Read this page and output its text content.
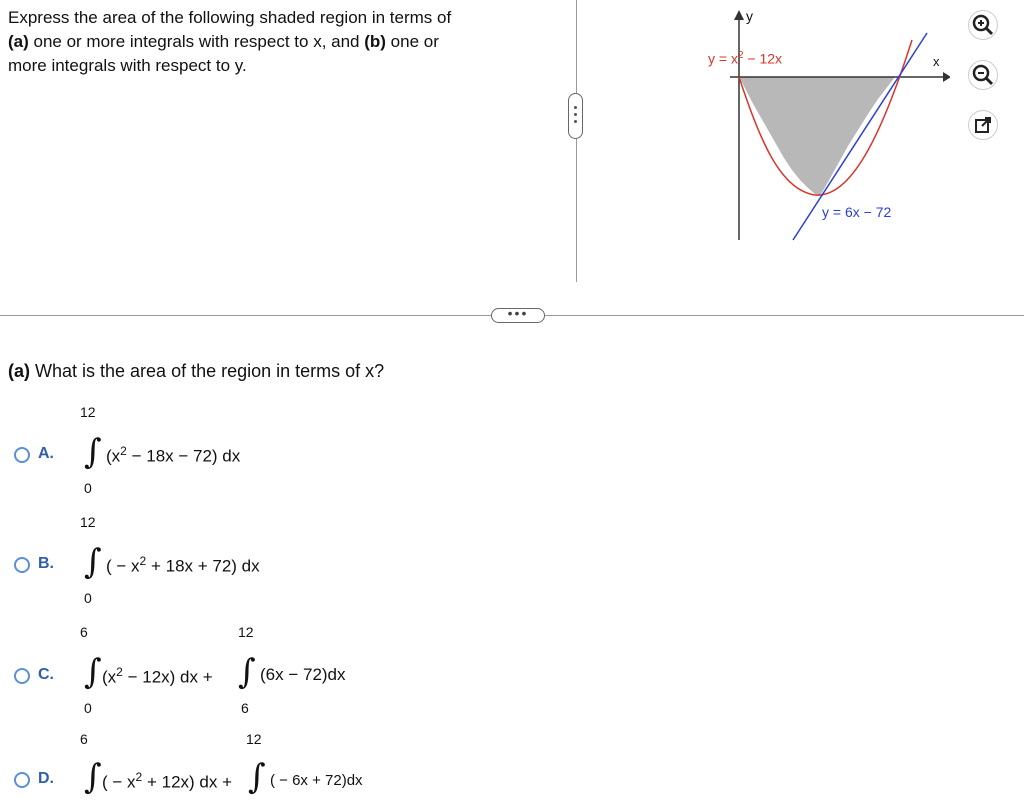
Express the area of the following shaded region in terms of
(a) one or more integrals with respect to x, and (b) one or
more integrals with respect to y.
y
x
$y = x^2 - 12x$
y = 6x − 72
•••
(a) What is the area of the region in terms of x?
A.
12
∫
0
$(x^2 - 18x - 72)$ dx
B.
12
∫
0
( − $x^2 + 18x + 72$) dx
C.
6
∫
0
$(x^2 - 12x)$ dx +
12
∫
6
(6x − 72)dx
D.
6
∫ ( − $x^2 + 12x$) dx +
12
∫ ( − 6x + 72)dx
